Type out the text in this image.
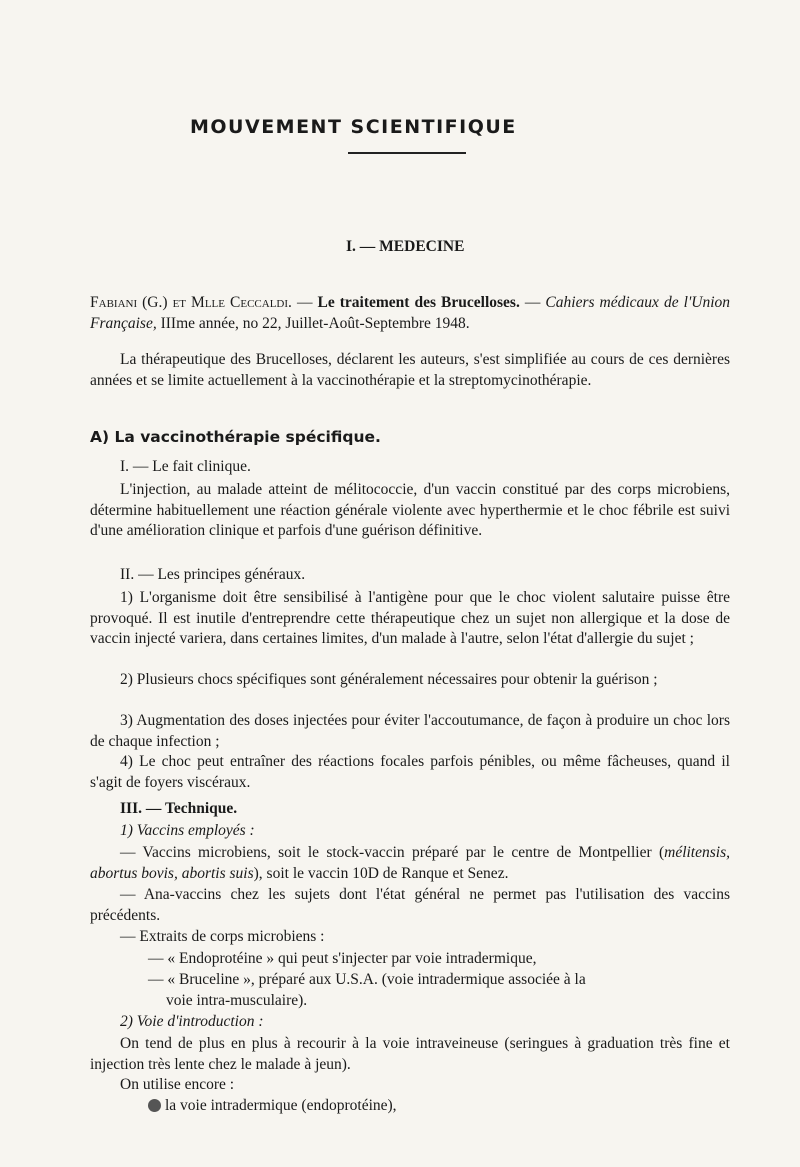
MOUVEMENT SCIENTIFIQUE
I. — MEDECINE
Fabiani (G.) et Mlle Ceccaldi. — Le traitement des Brucelloses. — Cahiers médicaux de l'Union Française, IIIme année, no 22, Juillet-Août-Septembre 1948.
La thérapeutique des Brucelloses, déclarent les auteurs, s'est simplifiée au cours de ces dernières années et se limite actuellement à la vaccinothérapie et la streptomycinothérapie.
A) La vaccinothérapie spécifique.
I. — Le fait clinique.
L'injection, au malade atteint de mélitococcie, d'un vaccin constitué par des corps microbiens, détermine habituellement une réaction générale violente avec hyperthermie et le choc fébrile est suivi d'une amélioration clinique et parfois d'une guérison définitive.
II. — Les principes généraux.
1) L'organisme doit être sensibilisé à l'antigène pour que le choc violent salutaire puisse être provoqué. Il est inutile d'entreprendre cette thérapeutique chez un sujet non allergique et la dose de vaccin injecté variera, dans certaines limites, d'un malade à l'autre, selon l'état d'allergie du sujet ;
2) Plusieurs chocs spécifiques sont généralement nécessaires pour obtenir la guérison ;
3) Augmentation des doses injectées pour éviter l'accoutumance, de façon à produire un choc lors de chaque infection ;
4) Le choc peut entraîner des réactions focales parfois pénibles, ou même fâcheuses, quand il s'agit de foyers viscéraux.
III. — Technique.
1) Vaccins employés :
— Vaccins microbiens, soit le stock-vaccin préparé par le centre de Montpellier (mélitensis, abortus bovis, abortis suis), soit le vaccin 10D de Ranque et Senez.
— Ana-vaccins chez les sujets dont l'état général ne permet pas l'utilisation des vaccins précédents.
— Extraits de corps microbiens :
— « Endoprotéine » qui peut s'injecter par voie intradermique,
— « Bruceline », préparé aux U.S.A. (voie intradermique associée à la
voie intra-musculaire).
2) Voie d'introduction :
On tend de plus en plus à recourir à la voie intraveineuse (seringues à graduation très fine et injection très lente chez le malade à jeun).
On utilise encore :
la voie intradermique (endoprotéine),
